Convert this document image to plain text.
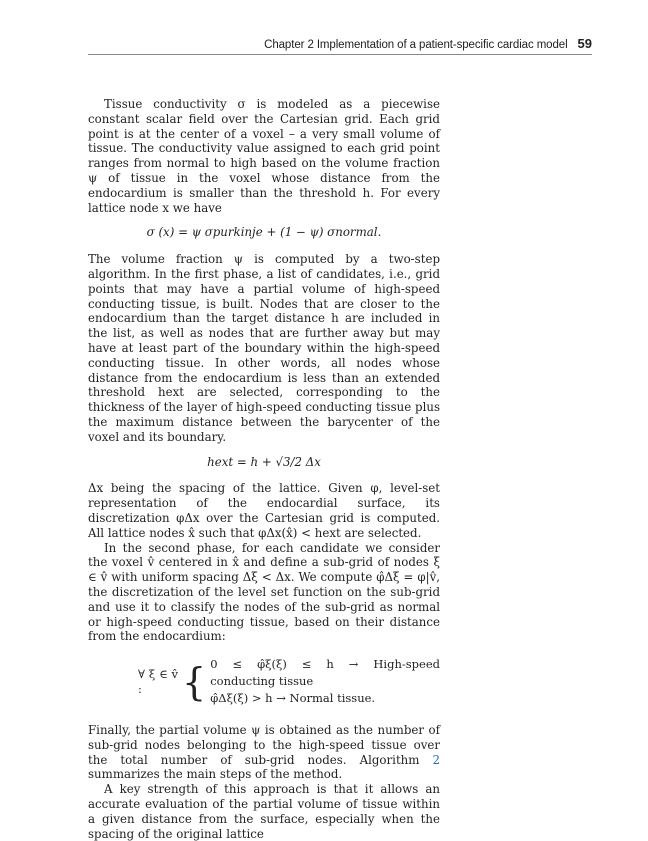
Chapter 2 Implementation of a patient-specific cardiac model 59

Tissue conductivity σ is modeled as a piecewise constant scalar field over the Cartesian grid. Each grid point is at the center of a voxel – a very small volume of tissue. The conductivity value assigned to each grid point ranges from normal to high based on the volume fraction ψ of tissue in the voxel whose distance from the endocardium is smaller than the threshold h. For every lattice node x we have

σ (x) = ψ σpurkinje + (1 − ψ) σnormal.

The volume fraction ψ is computed by a two-step algorithm. In the first phase, a list of candidates, i.e., grid points that may have a partial volume of high-speed conducting tissue, is built. Nodes that are closer to the endocardium than the target distance h are included in the list, as well as nodes that are further away but may have at least part of the boundary within the high-speed conducting tissue. In other words, all nodes whose distance from the endocardium is less than an extended threshold hext are selected, corresponding to the thickness of the layer of high-speed conducting tissue plus the maximum distance between the barycenter of the voxel and its boundary.

hext = h + √3/2 Δx

Δx being the spacing of the lattice. Given φ, level-set representation of the endocardial surface, its discretization φΔx over the Cartesian grid is computed. All lattice nodes x̂ such that φΔx(x̂) < hext are selected.

In the second phase, for each candidate we consider the voxel v̂ centered in x̂ and define a sub-grid of nodes ξ ∈ v̂ with uniform spacing Δξ < Δx. We compute φ̂Δξ = φ|v̂, the discretization of the level set function on the sub-grid and use it to classify the nodes of the sub-grid as normal or high-speed conducting tissue, based on their distance from the endocardium:

∀ ξ ∈ v̂ :	{ 0 ≤ φ̂ξ(ξ) ≤ h → High-speed conducting tissue
φ̂Δξ(ξ) > h → Normal tissue.

Finally, the partial volume ψ is obtained as the number of sub-grid nodes belonging to the high-speed tissue over the total number of sub-grid nodes. Algorithm 2 summarizes the main steps of the method.

A key strength of this approach is that it allows an accurate evaluation of the partial volume of tissue within a given distance from the surface, especially when the spacing of the original lattice
